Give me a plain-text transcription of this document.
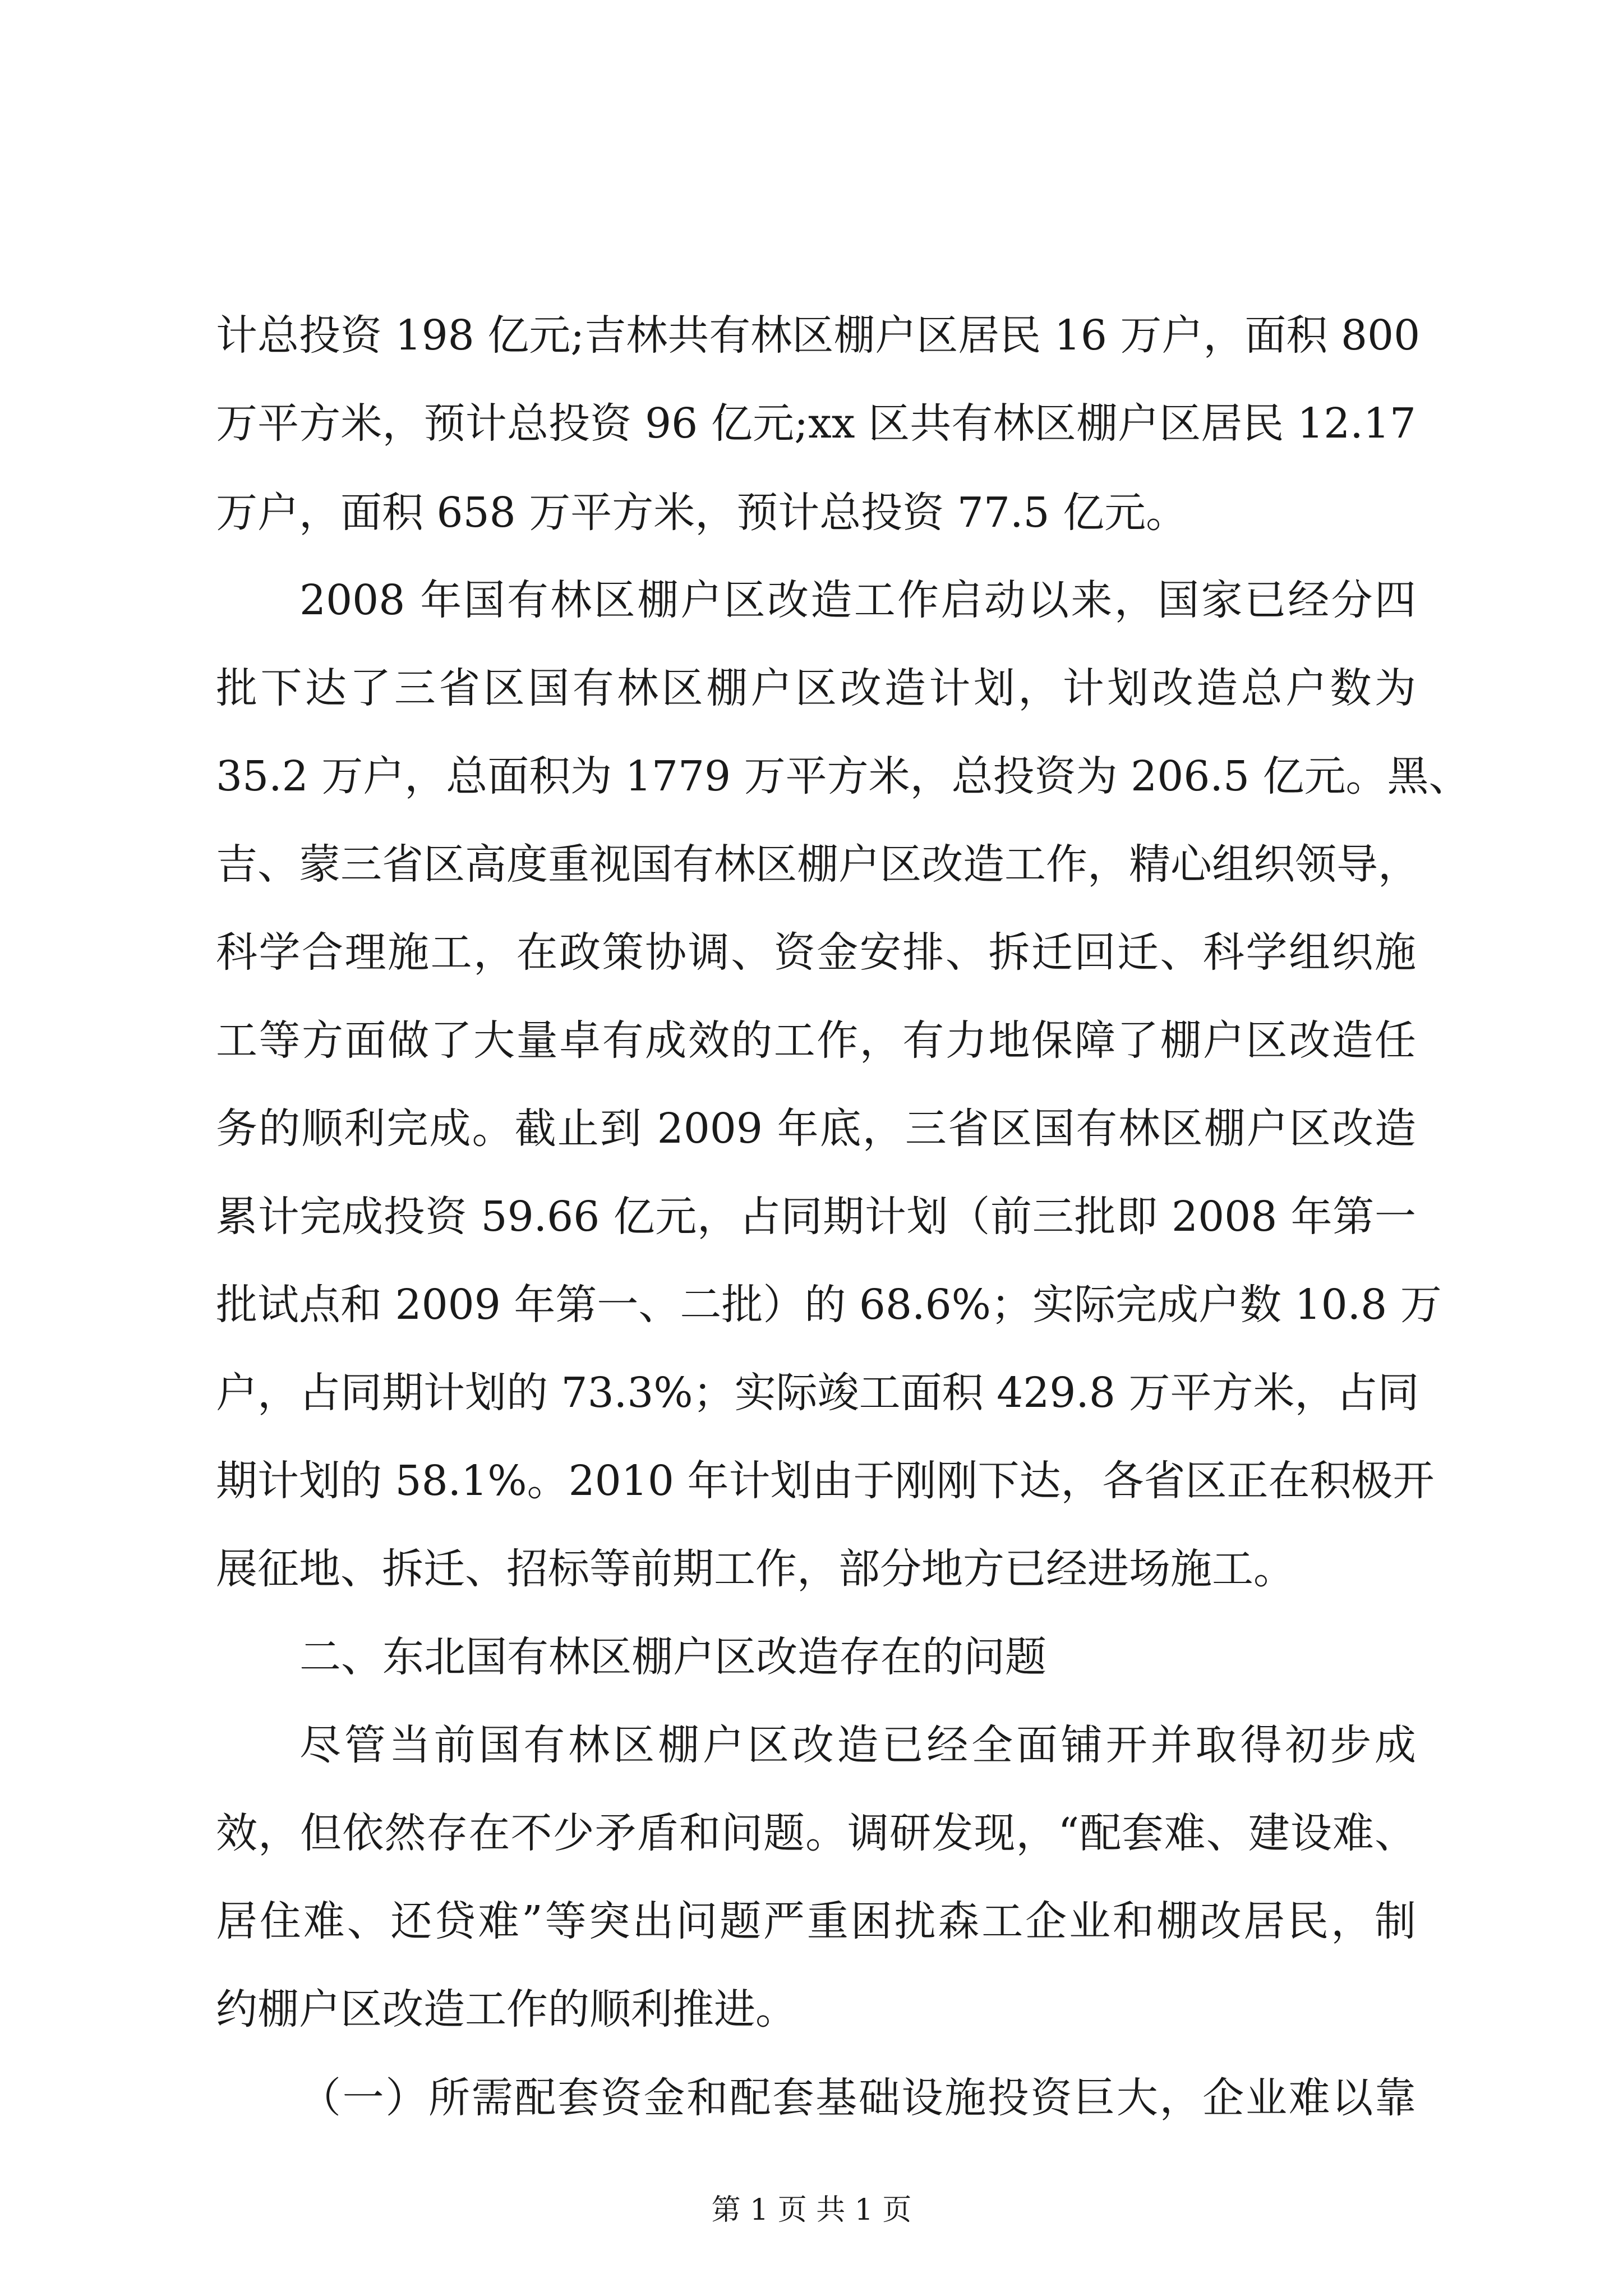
计总投资 198 亿元;吉林共有林区棚户区居民 16 万户，面积 800
万平方米，预计总投资 96 亿元;xx 区共有林区棚户区居民 12.17
万户，面积 658 万平方米，预计总投资 77.5 亿元。
2008 年国有林区棚户区改造工作启动以来，国家已经分四
批下达了三省区国有林区棚户区改造计划，计划改造总户数为
35.2 万户，总面积为 1779 万平方米，总投资为 206.5 亿元。黑、
吉、蒙三省区高度重视国有林区棚户区改造工作，精心组织领导，
科学合理施工，在政策协调、资金安排、拆迁回迁、科学组织施
工等方面做了大量卓有成效的工作，有力地保障了棚户区改造任
务的顺利完成。截止到 2009 年底，三省区国有林区棚户区改造
累计完成投资 59.66 亿元，占同期计划（前三批即 2008 年第一
批试点和 2009 年第一、二批）的 68.6%；实际完成户数 10.8 万
户，占同期计划的 73.3%；实际竣工面积 429.8 万平方米，占同
期计划的 58.1%。2010 年计划由于刚刚下达，各省区正在积极开
展征地、拆迁、招标等前期工作，部分地方已经进场施工。
二、东北国有林区棚户区改造存在的问题
尽管当前国有林区棚户区改造已经全面铺开并取得初步成
效，但依然存在不少矛盾和问题。调研发现，“配套难、建设难、
居住难、还贷难”等突出问题严重困扰森工企业和棚改居民，制
约棚户区改造工作的顺利推进。
（一）所需配套资金和配套基础设施投资巨大，企业难以靠
第 1 页 共 1 页
